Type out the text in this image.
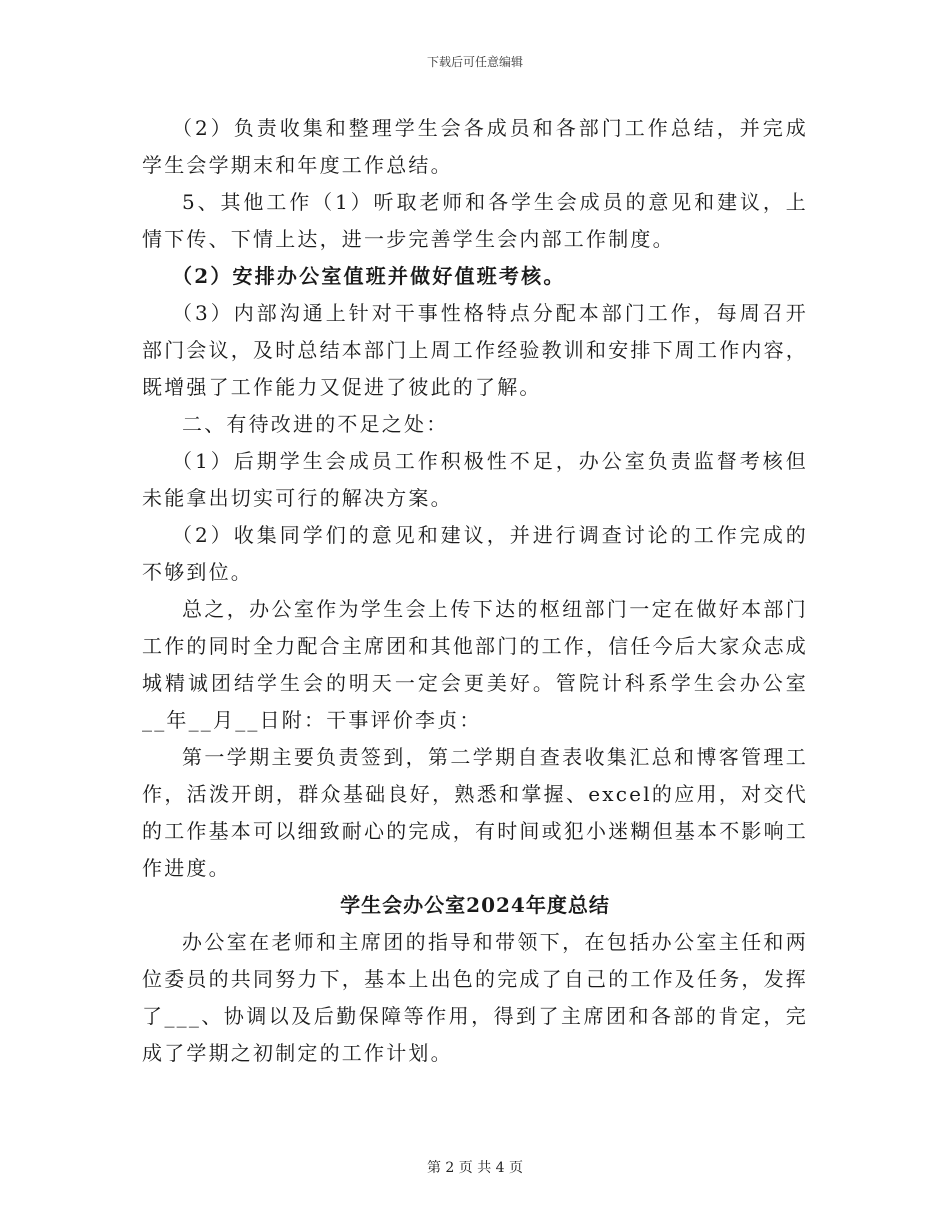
下载后可任意编辑

（2）负责收集和整理学生会各成员和各部门工作总结，并完成学生会学期末和年度工作总结。

5、其他工作（1）听取老师和各学生会成员的意见和建议，上情下传、下情上达，进一步完善学生会内部工作制度。

（2）安排办公室值班并做好值班考核。

（3）内部沟通上针对干事性格特点分配本部门工作，每周召开部门会议，及时总结本部门上周工作经验教训和安排下周工作内容，既增强了工作能力又促进了彼此的了解。

二、有待改进的不足之处：

（1）后期学生会成员工作积极性不足，办公室负责监督考核但未能拿出切实可行的解决方案。

（2）收集同学们的意见和建议，并进行调查讨论的工作完成的不够到位。

总之，办公室作为学生会上传下达的枢纽部门一定在做好本部门工作的同时全力配合主席团和其他部门的工作，信任今后大家众志成城精诚团结学生会的明天一定会更美好。管院计科系学生会办公室__年__月__日附：干事评价李贞：

第一学期主要负责签到，第二学期自查表收集汇总和博客管理工作，活泼开朗，群众基础良好，熟悉和掌握、excel的应用，对交代的工作基本可以细致耐心的完成，有时间或犯小迷糊但基本不影响工作进度。

学生会办公室2024年度总结

办公室在老师和主席团的指导和带领下，在包括办公室主任和两位委员的共同努力下，基本上出色的完成了自己的工作及任务，发挥了___、协调以及后勤保障等作用，得到了主席团和各部的肯定，完成了学期之初制定的工作计划。

第 2 页 共 4 页
